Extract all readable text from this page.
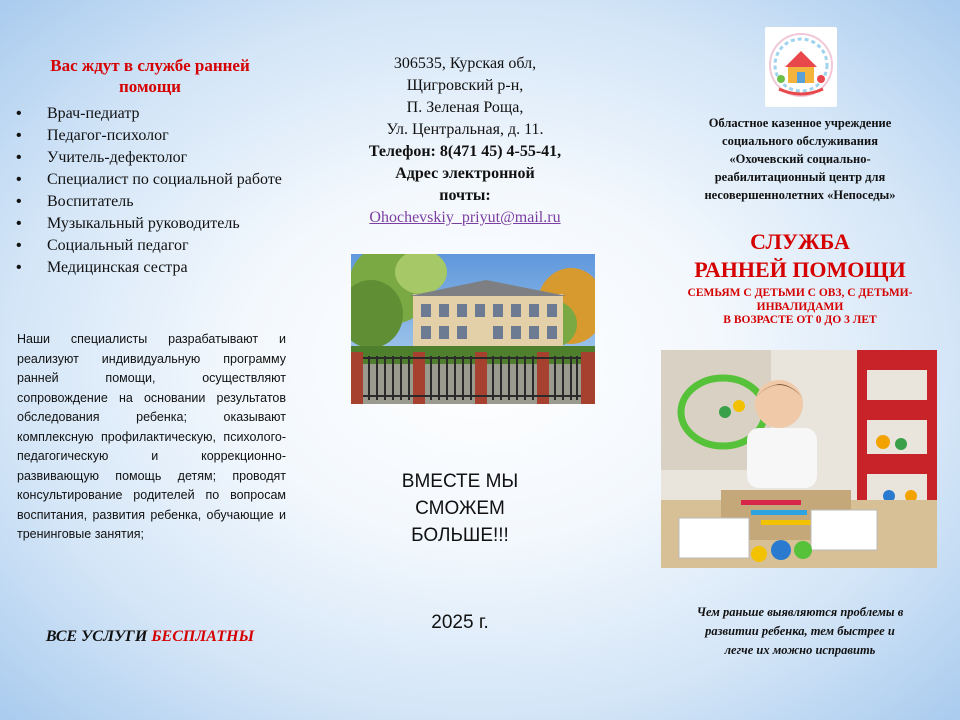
Вас ждут в службе ранней помощи
• Врач-педиатр
• Педагог-психолог
• Учитель-дефектолог
• Специалист по социальной работе
• Воспитатель
• Музыкальный руководитель
• Социальный педагог
• Медицинская сестра
Наши специалисты разрабатывают и реализуют индивидуальную программу ранней помощи, осуществляют сопровождение на основании результатов обследования ребенка; оказывают комплексную профилактическую, психолого-педагогическую и коррекционно-развивающую помощь детям; проводят консультирование родителей по вопросам воспитания, развития ребенка, обучающие и тренинговые занятия;
ВСЕ УСЛУГИ БЕСПЛАТНЫ
306535, Курская обл,
Щигровский р-н,
П. Зеленая Роща,
Ул. Центральная, д. 11.
Телефон: 8(471 45) 4-55-41,
Адрес электронной
почты:
Ohochevskiy_priyut@mail.ru
ВМЕСТЕ МЫ
СМОЖЕМ
БОЛЬШЕ!!!
2025 г.
Областное казенное учреждение
социального обслуживания
«Охочевский социально-
реабилитационный центр для
несовершеннолетних «Непоседы»
СЛУЖБА
РАННЕЙ ПОМОЩИ
СЕМЬЯМ С ДЕТЬМИ С ОВЗ, С ДЕТЬМИ-
ИНВАЛИДАМИ
В ВОЗРАСТЕ ОТ 0 ДО 3 ЛЕТ
Чем раньше выявляются проблемы в
развитии ребенка, тем быстрее и
легче их можно исправить
